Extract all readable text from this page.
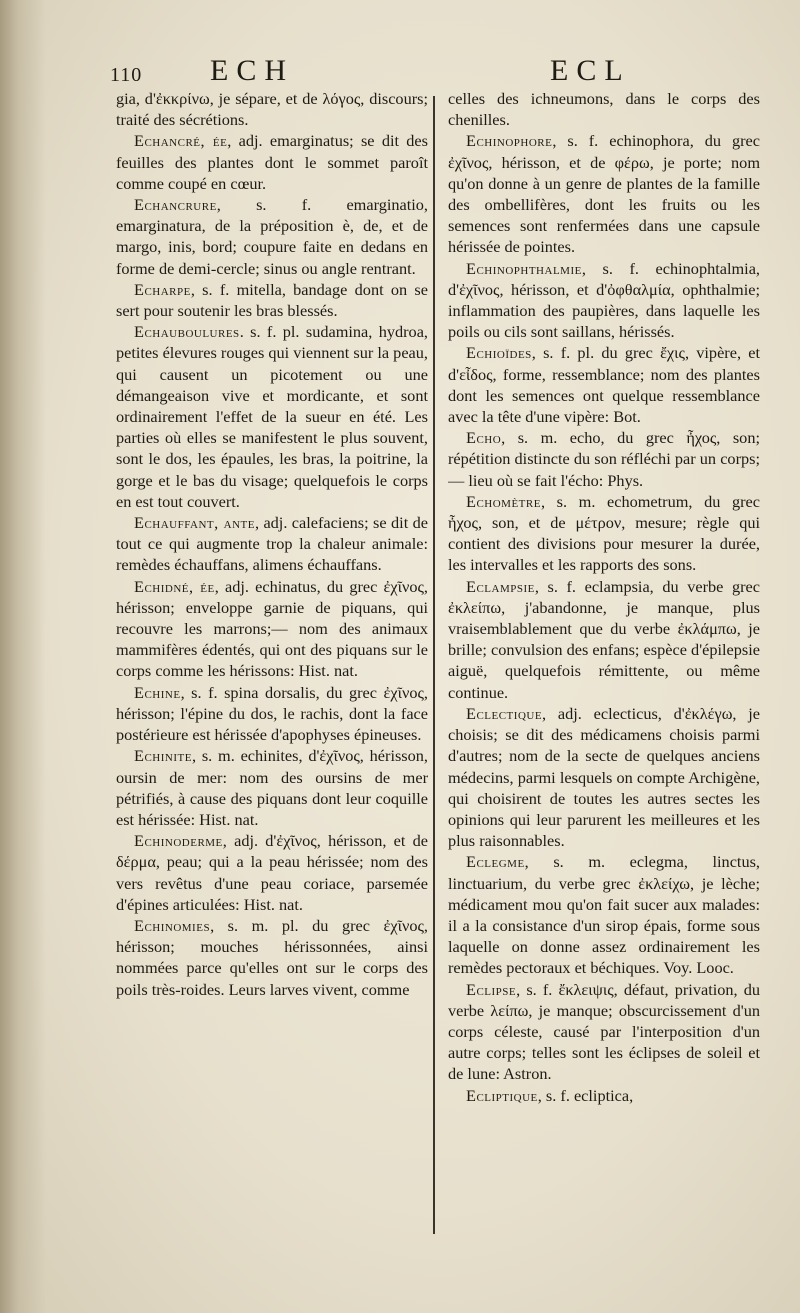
110 ECH	ECL

gia, d'ἐκκρίνω, je sépare, et de λόγος, discours; traité des sécrétions.

Echancré, ée, adj. emarginatus; se dit des feuilles des plantes dont le sommet paroît comme coupé en cœur.

Echancrure, s. f. emarginatio, emarginatura, de la préposition è, de, et de margo, inis, bord; coupure faite en dedans en forme de demi-cercle; sinus ou angle rentrant.

Echarpe, s. f. mitella, bandage dont on se sert pour soutenir les bras blessés.

Echauboulures. s. f. pl. sudamina, hydroa, petites élevures rouges qui viennent sur la peau, qui causent un picotement ou une démangeaison vive et mordicante, et sont ordinairement l'effet de la sueur en été. Les parties où elles se manifestent le plus souvent, sont le dos, les épaules, les bras, la poitrine, la gorge et le bas du visage; quelquefois le corps en est tout couvert.

Echauffant, ante, adj. calefaciens; se dit de tout ce qui augmente trop la chaleur animale: remèdes échauffans, alimens échauffans.

Echidné, ée, adj. echinatus, du grec ἐχῖνος, hérisson; enveloppe garnie de piquans, qui recouvre les marrons;— nom des animaux mammifères édentés, qui ont des piquans sur le corps comme les hérissons: Hist. nat.

Echine, s. f. spina dorsalis, du grec ἐχῖνος, hérisson; l'épine du dos, le rachis, dont la face postérieure est hérissée d'apophyses épineuses.

Echinite, s. m. echinites, d'ἐχῖνος, hérisson, oursin de mer: nom des oursins de mer pétrifiés, à cause des piquans dont leur coquille est hérissée: Hist. nat.

Echinoderme, adj. d'ἐχῖνος, hérisson, et de δέρμα, peau; qui a la peau hérissée; nom des vers revêtus d'une peau coriace, parsemée d'épines articulées: Hist. nat.

Echinomies, s. m. pl. du grec ἐχῖνος, hérisson; mouches hérissonnées, ainsi nommées parce qu'elles ont sur le corps des poils très-roides. Leurs larves vivent, comme

celles des ichneumons, dans le corps des chenilles.

Echinophore, s. f. echinophora, du grec ἐχῖνος, hérisson, et de φέρω, je porte; nom qu'on donne à un genre de plantes de la famille des ombellifères, dont les fruits ou les semences sont renfermées dans une capsule hérissée de pointes.

Echinophthalmie, s. f. echinophtalmia, d'ἐχῖνος, hérisson, et d'ὀφθαλμία, ophthalmie; inflammation des paupières, dans laquelle les poils ou cils sont saillans, hérissés.

Echioïdes, s. f. pl. du grec ἔχις, vipère, et d'εἶδος, forme, ressemblance; nom des plantes dont les semences ont quelque ressemblance avec la tête d'une vipère: Bot.

Echo, s. m. echo, du grec ἦχος, son; répétition distincte du son réfléchi par un corps; — lieu où se fait l'écho: Phys.

Echomètre, s. m. echometrum, du grec ἦχος, son, et de μέτρον, mesure; règle qui contient des divisions pour mesurer la durée, les intervalles et les rapports des sons.

Eclampsie, s. f. eclampsia, du verbe grec ἐκλείπω, j'abandonne, je manque, plus vraisemblablement que du verbe ἐκλάμπω, je brille; convulsion des enfans; espèce d'épilepsie aiguë, quelquefois rémittente, ou même continue.

Eclectique, adj. eclecticus, d'ἐκλέγω, je choisis; se dit des médicamens choisis parmi d'autres; nom de la secte de quelques anciens médecins, parmi lesquels on compte Archigène, qui choisirent de toutes les autres sectes les opinions qui leur parurent les meilleures et les plus raisonnables.

Eclegme, s. m. eclegma, linctus, linctuarium, du verbe grec ἐκλείχω, je lèche; médicament mou qu'on fait sucer aux malades: il a la consistance d'un sirop épais, forme sous laquelle on donne assez ordinairement les remèdes pectoraux et béchiques. Voy. Looc.

Eclipse, s. f. ἔκλειψις, défaut, privation, du verbe λείπω, je manque; obscurcissement d'un corps céleste, causé par l'interposition d'un autre corps; telles sont les éclipses de soleil et de lune: Astron.

Ecliptique, s. f. ecliptica,
